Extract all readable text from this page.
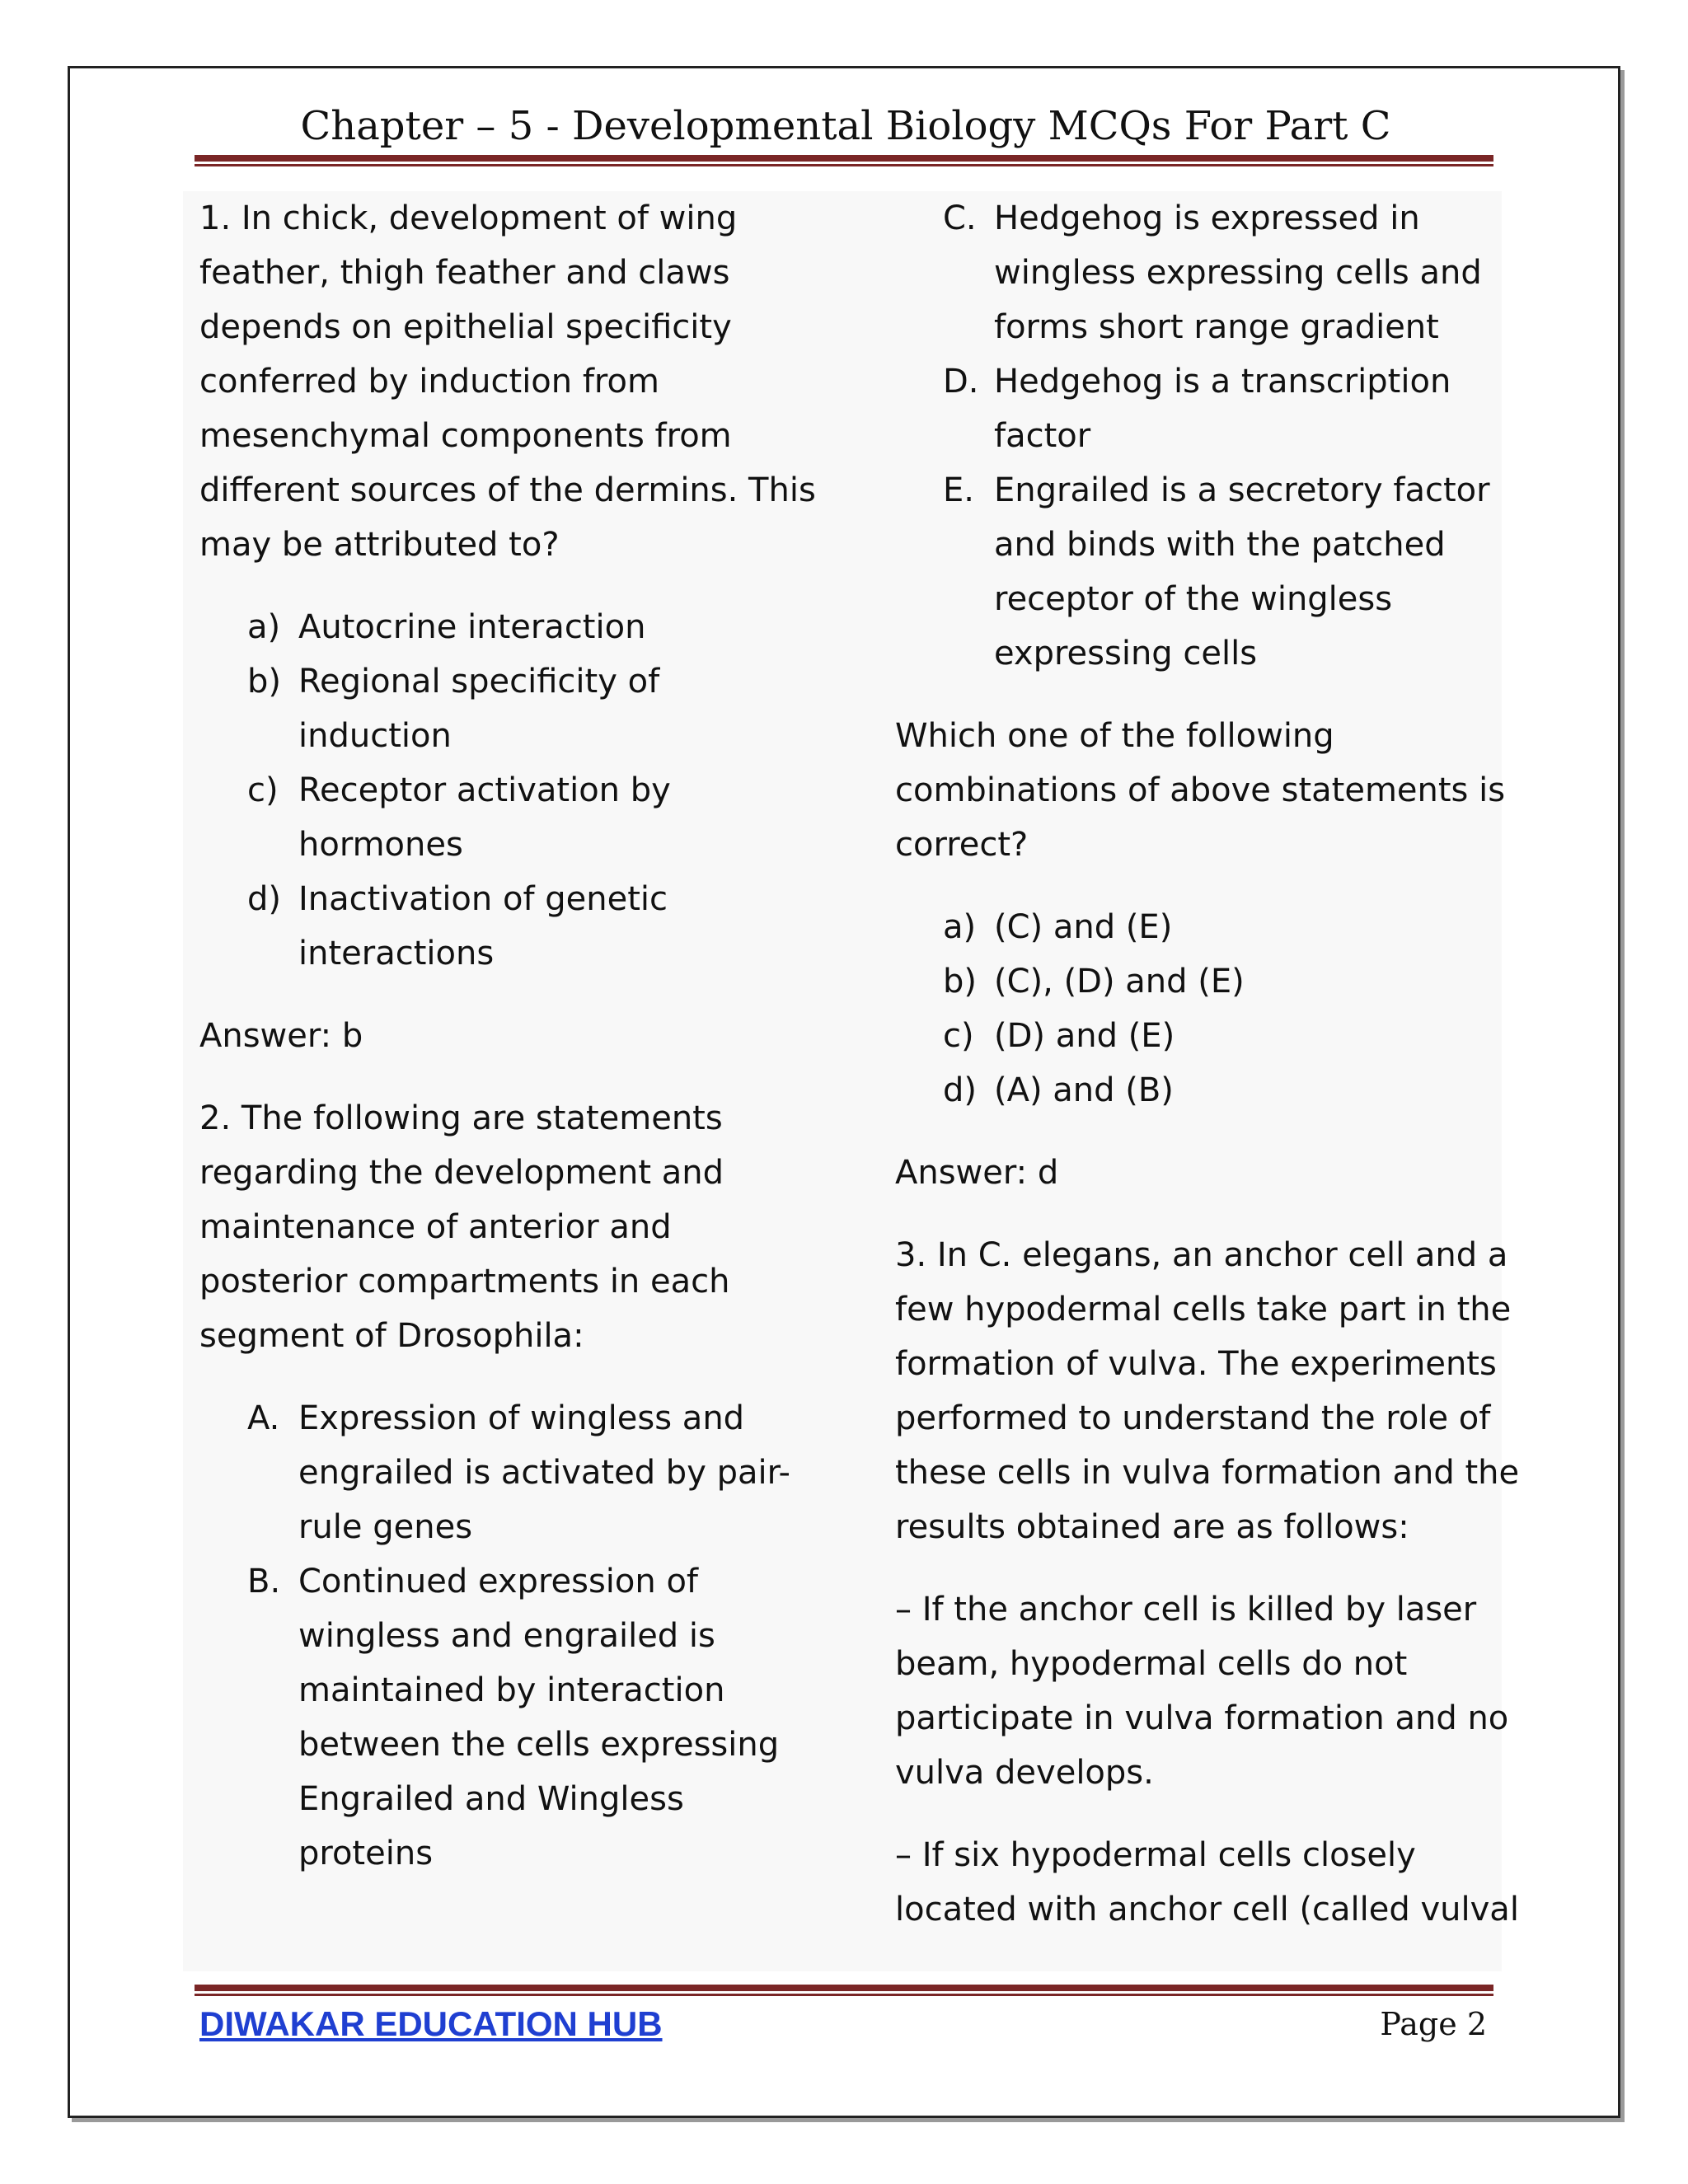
Chapter – 5 - Developmental Biology MCQs For Part C
1. In chick, development of wing
feather, thigh feather and claws
depends on epithelial specificity
conferred by induction from
mesenchymal components from
different sources of the dermins. This
may be attributed to?
a) Autocrine interaction
b) Regional specificity of
induction
c) Receptor activation by
hormones
d) Inactivation of genetic
interactions
Answer: b
2. The following are statements
regarding the development and
maintenance of anterior and
posterior compartments in each
segment of Drosophila:
A. Expression of wingless and
engrailed is activated by pair-
rule genes
B. Continued expression of
wingless and engrailed is
maintained by interaction
between the cells expressing
Engrailed and Wingless
proteins
C. Hedgehog is expressed in
wingless expressing cells and
forms short range gradient
D. Hedgehog is a transcription
factor
E. Engrailed is a secretory factor
and binds with the patched
receptor of the wingless
expressing cells
Which one of the following
combinations of above statements is
correct?
a) (C) and (E)
b) (C), (D) and (E)
c) (D) and (E)
d) (A) and (B)
Answer: d
3. In C. elegans, an anchor cell and a
few hypodermal cells take part in the
formation of vulva. The experiments
performed to understand the role of
these cells in vulva formation and the
results obtained are as follows:
– If the anchor cell is killed by laser
beam, hypodermal cells do not
participate in vulva formation and no
vulva develops.
– If six hypodermal cells closely
located with anchor cell (called vulval
DIWAKAR EDUCATION HUB	Page 2
